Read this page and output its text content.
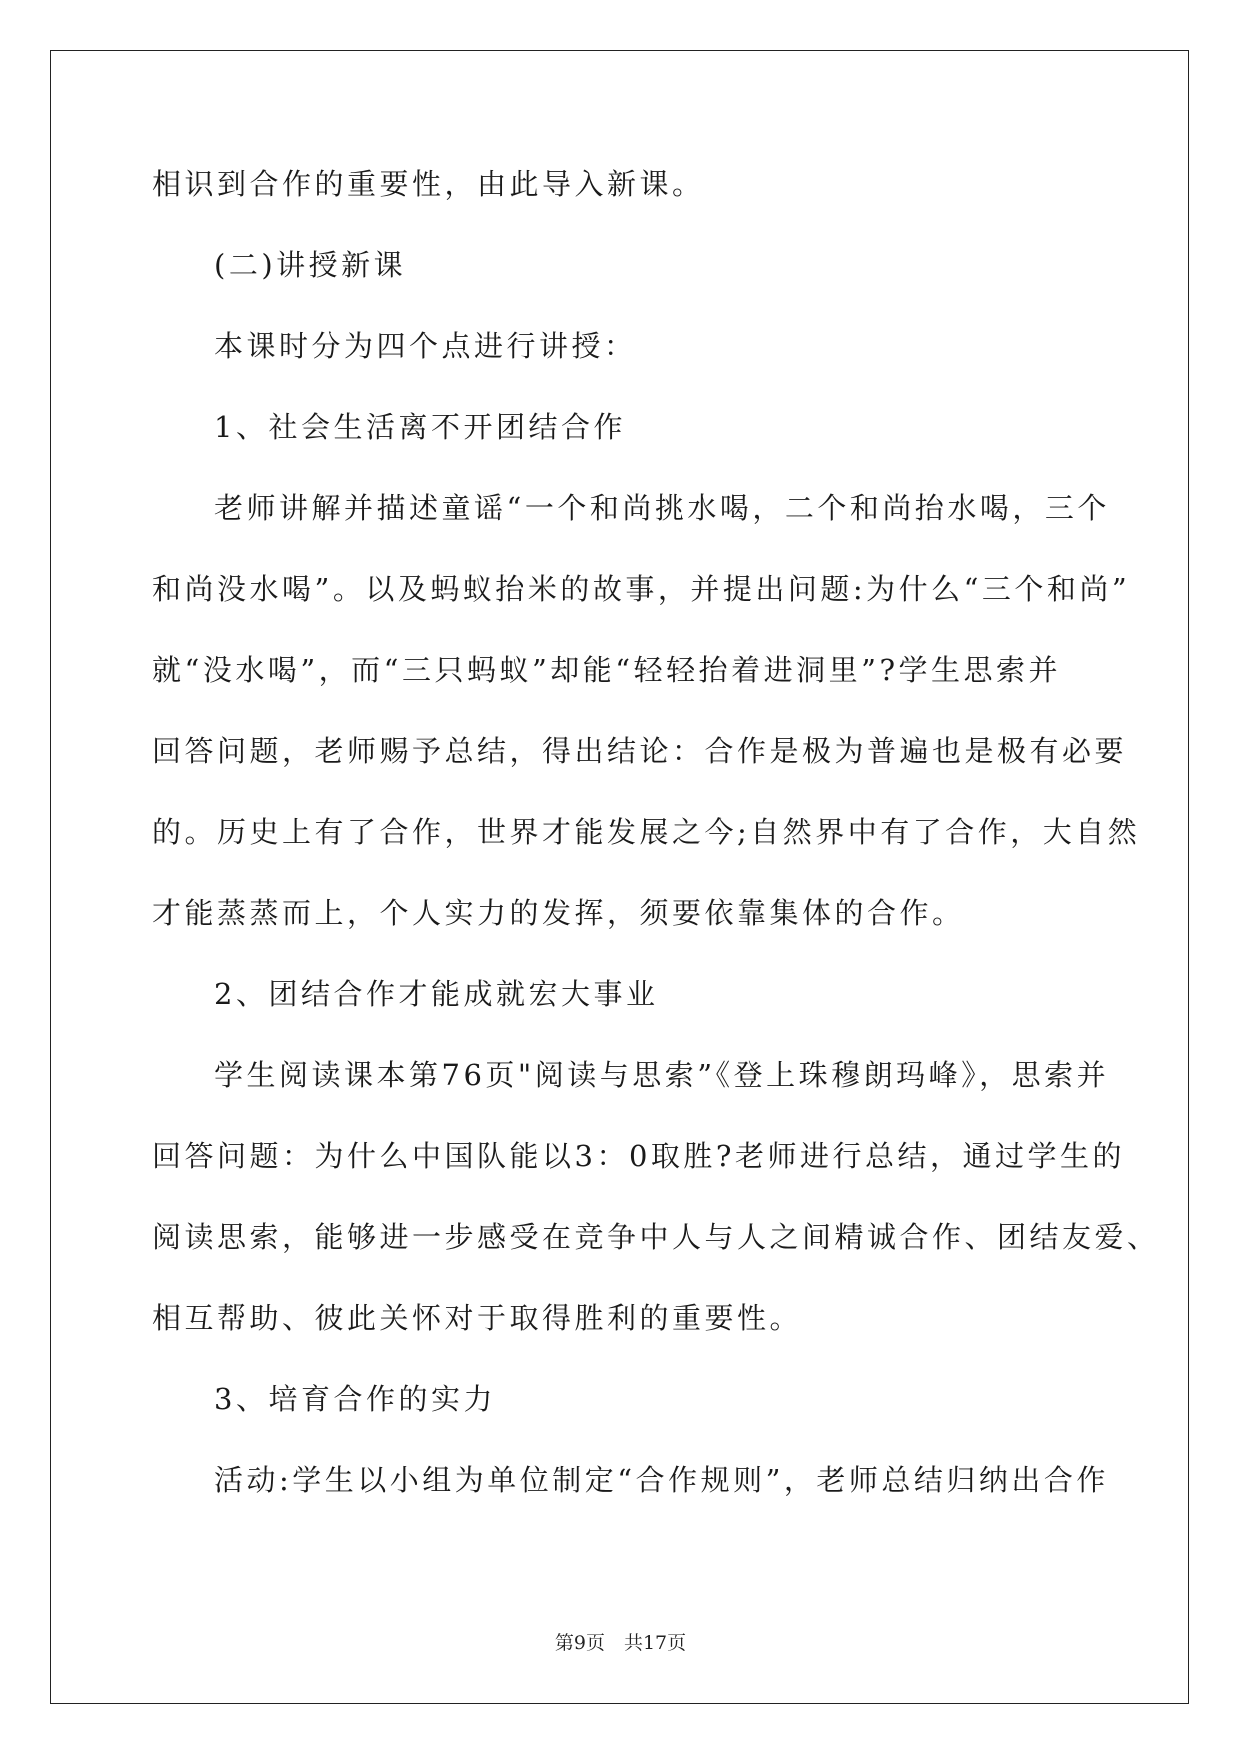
相识到合作的重要性，由此导入新课。
(二)讲授新课
本课时分为四个点进行讲授：
1、社会生活离不开团结合作
老师讲解并描述童谣“一个和尚挑水喝，二个和尚抬水喝，三个
和尚没水喝”。以及蚂蚁抬米的故事，并提出问题:为什么“三个和尚”
就“没水喝”，而“三只蚂蚁”却能“轻轻抬着进洞里”?学生思索并
回答问题，老师赐予总结，得出结论：合作是极为普遍也是极有必要
的。历史上有了合作，世界才能发展之今;自然界中有了合作，大自然
才能蒸蒸而上，个人实力的发挥，须要依靠集体的合作。
2、团结合作才能成就宏大事业
学生阅读课本第76页"阅读与思索”《登上珠穆朗玛峰》，思索并
回答问题：为什么中国队能以3：0取胜?老师进行总结，通过学生的
阅读思索，能够进一步感受在竞争中人与人之间精诚合作、团结友爱、
相互帮助、彼此关怀对于取得胜利的重要性。
3、培育合作的实力
活动:学生以小组为单位制定“合作规则”，老师总结归纳出合作
第9页　共17页
